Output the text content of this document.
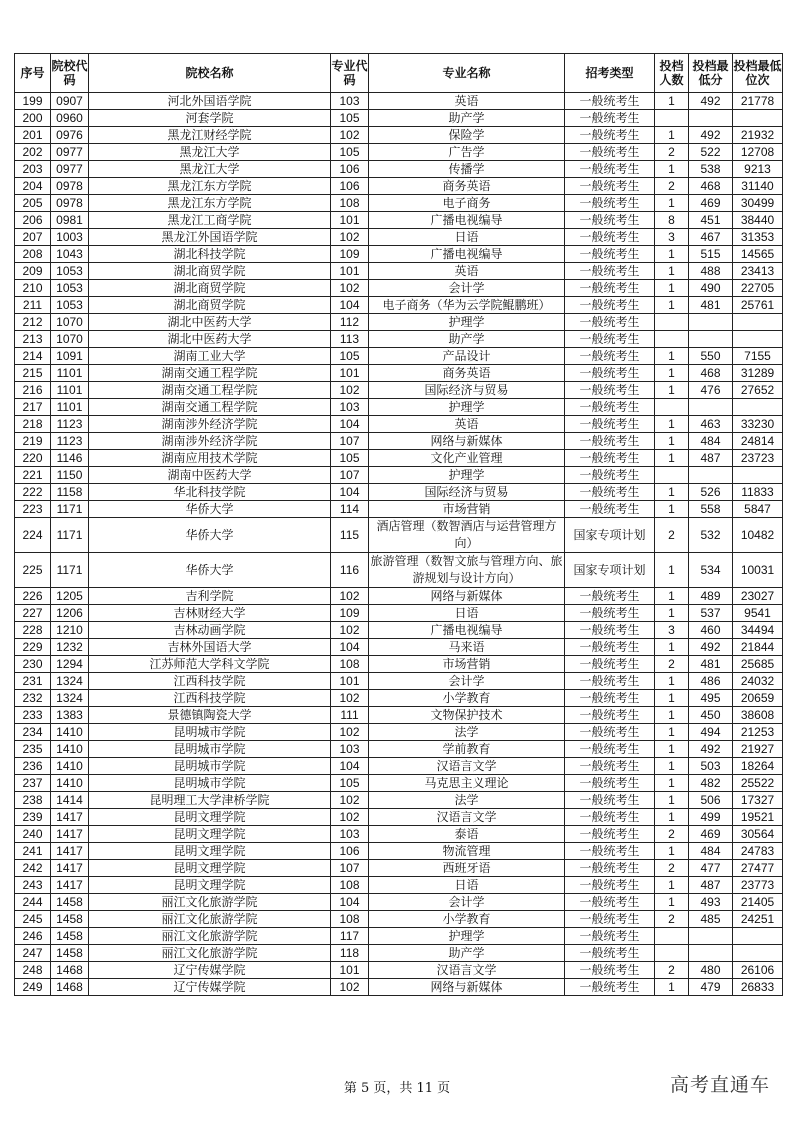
序号	院校代码	院校名称	专业代码	专业名称	招考类型	投档人数	投档最低分	投档最低位次
199	0907	河北外国语学院	103	英语	一般统考生	1	492	21778
200	0960	河套学院	105	助产学	一般统考生			
201	0976	黑龙江财经学院	102	保险学	一般统考生	1	492	21932
202	0977	黑龙江大学	105	广告学	一般统考生	2	522	12708
203	0977	黑龙江大学	106	传播学	一般统考生	1	538	9213
204	0978	黑龙江东方学院	106	商务英语	一般统考生	2	468	31140
205	0978	黑龙江东方学院	108	电子商务	一般统考生	1	469	30499
206	0981	黑龙江工商学院	101	广播电视编导	一般统考生	8	451	38440
207	1003	黑龙江外国语学院	102	日语	一般统考生	3	467	31353
208	1043	湖北科技学院	109	广播电视编导	一般统考生	1	515	14565
209	1053	湖北商贸学院	101	英语	一般统考生	1	488	23413
210	1053	湖北商贸学院	102	会计学	一般统考生	1	490	22705
211	1053	湖北商贸学院	104	电子商务（华为云学院鲲鹏班）	一般统考生	1	481	25761
212	1070	湖北中医药大学	112	护理学	一般统考生			
213	1070	湖北中医药大学	113	助产学	一般统考生			
214	1091	湖南工业大学	105	产品设计	一般统考生	1	550	7155
215	1101	湖南交通工程学院	101	商务英语	一般统考生	1	468	31289
216	1101	湖南交通工程学院	102	国际经济与贸易	一般统考生	1	476	27652
217	1101	湖南交通工程学院	103	护理学	一般统考生			
218	1123	湖南涉外经济学院	104	英语	一般统考生	1	463	33230
219	1123	湖南涉外经济学院	107	网络与新媒体	一般统考生	1	484	24814
220	1146	湖南应用技术学院	105	文化产业管理	一般统考生	1	487	23723
221	1150	湖南中医药大学	107	护理学	一般统考生			
222	1158	华北科技学院	104	国际经济与贸易	一般统考生	1	526	11833
223	1171	华侨大学	114	市场营销	一般统考生	1	558	5847
224	1171	华侨大学	115	酒店管理（数智酒店与运营管理方向）	国家专项计划	2	532	10482
225	1171	华侨大学	116	旅游管理（数智文旅与管理方向、旅游规划与设计方向）	国家专项计划	1	534	10031
226	1205	吉利学院	102	网络与新媒体	一般统考生	1	489	23027
227	1206	吉林财经大学	109	日语	一般统考生	1	537	9541
228	1210	吉林动画学院	102	广播电视编导	一般统考生	3	460	34494
229	1232	吉林外国语大学	104	马来语	一般统考生	1	492	21844
230	1294	江苏师范大学科文学院	108	市场营销	一般统考生	2	481	25685
231	1324	江西科技学院	101	会计学	一般统考生	1	486	24032
232	1324	江西科技学院	102	小学教育	一般统考生	1	495	20659
233	1383	景德镇陶瓷大学	111	文物保护技术	一般统考生	1	450	38608
234	1410	昆明城市学院	102	法学	一般统考生	1	494	21253
235	1410	昆明城市学院	103	学前教育	一般统考生	1	492	21927
236	1410	昆明城市学院	104	汉语言文学	一般统考生	1	503	18264
237	1410	昆明城市学院	105	马克思主义理论	一般统考生	1	482	25522
238	1414	昆明理工大学津桥学院	102	法学	一般统考生	1	506	17327
239	1417	昆明文理学院	102	汉语言文学	一般统考生	1	499	19521
240	1417	昆明文理学院	103	泰语	一般统考生	2	469	30564
241	1417	昆明文理学院	106	物流管理	一般统考生	1	484	24783
242	1417	昆明文理学院	107	西班牙语	一般统考生	2	477	27477
243	1417	昆明文理学院	108	日语	一般统考生	1	487	23773
244	1458	丽江文化旅游学院	104	会计学	一般统考生	1	493	21405
245	1458	丽江文化旅游学院	108	小学教育	一般统考生	2	485	24251
246	1458	丽江文化旅游学院	117	护理学	一般统考生			
247	1458	丽江文化旅游学院	118	助产学	一般统考生			
248	1468	辽宁传媒学院	101	汉语言文学	一般统考生	2	480	26106
249	1468	辽宁传媒学院	102	网络与新媒体	一般统考生	1	479	26833
第 5 页，共 11 页	高考直通车
